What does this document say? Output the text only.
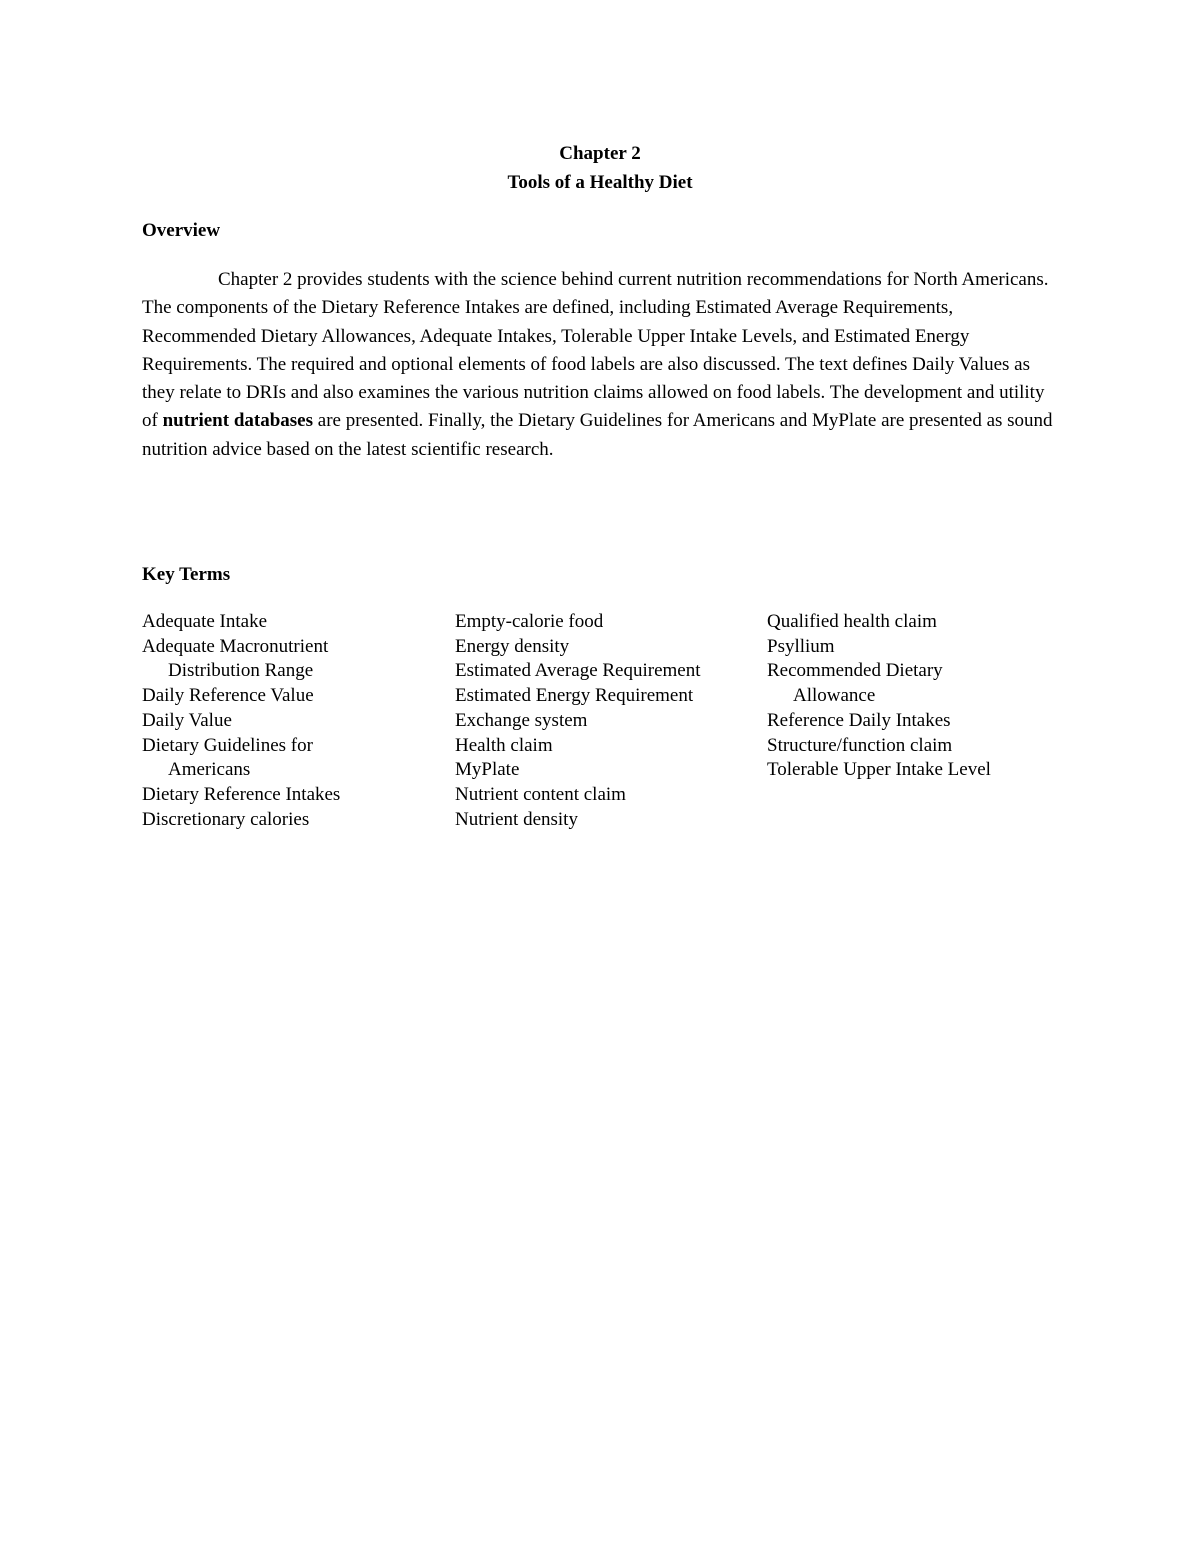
Chapter 2
Tools of a Healthy Diet
Overview

Chapter 2 provides students with the science behind current nutrition recommendations for North Americans. The components of the Dietary Reference Intakes are defined, including Estimated Average Requirements, Recommended Dietary Allowances, Adequate Intakes, Tolerable Upper Intake Levels, and Estimated Energy Requirements. The required and optional elements of food labels are also discussed. The text defines Daily Values as they relate to DRIs and also examines the various nutrition claims allowed on food labels. The development and utility of nutrient databases are presented. Finally, the Dietary Guidelines for Americans and MyPlate are presented as sound nutrition advice based on the latest scientific research.

Key Terms
Adequate Intake
Adequate Macronutrient
Distribution Range
Daily Reference Value
Daily Value
Dietary Guidelines for
Americans
Dietary Reference Intakes
Discretionary calories
Empty-calorie food
Energy density
Estimated Average Requirement
Estimated Energy Requirement
Exchange system
Health claim
MyPlate
Nutrient content claim
Nutrient density
Qualified health claim
Psyllium
Recommended Dietary
Allowance
Reference Daily Intakes
Structure/function claim
Tolerable Upper Intake Level
